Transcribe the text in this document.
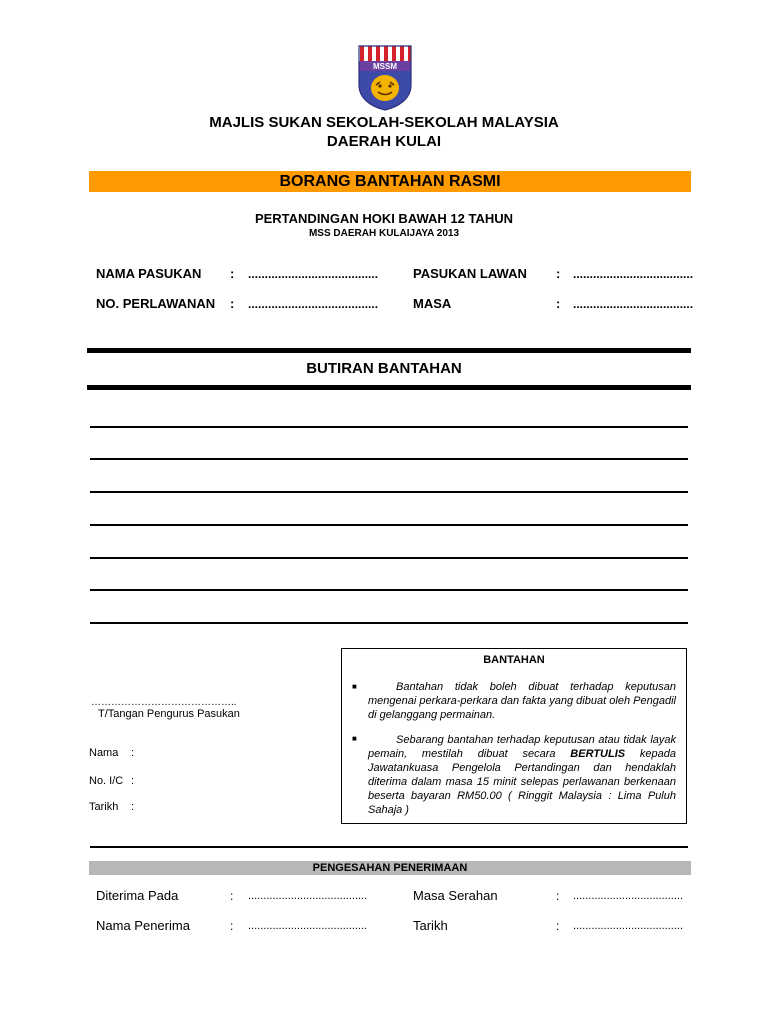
MSSM
MAJLIS SUKAN SEKOLAH-SEKOLAH MALAYSIA
DAERAH KULAI
BORANG BANTAHAN RASMI
PERTANDINGAN HOKI BAWAH 12 TAHUN
MSS DAERAH KULAIJAYA 2013
NAMA PASUKAN : .......................................	PASUKAN LAWAN : ....................................
NO. PERLAWANAN : .......................................	MASA	: ....................................
BUTIRAN BANTAHAN
……………………………………..
T/Tangan Pengurus Pasukan
Nama :
No. I/C :
Tarikh :
BANTAHAN
■	Bantahan tidak boleh dibuat terhadap keputusan mengenai perkara-perkara dan fakta yang dibuat oleh Pengadil di gelanggang permainan.
■	Sebarang bantahan terhadap keputusan atau tidak layak pemain, mestilah dibuat secara BERTULIS kepada Jawatankuasa Pengelola Pertandingan dan hendaklah diterima dalam masa 15 minit selepas perlawanan berkenaan beserta bayaran RM50.00 ( Ringgit Malaysia : Lima Puluh Sahaja )
PENGESAHAN PENERIMAAN
Diterima Pada	: .......................................	Masa Serahan	: ....................................
Nama Penerima	: .......................................	Tarikh	: ....................................
